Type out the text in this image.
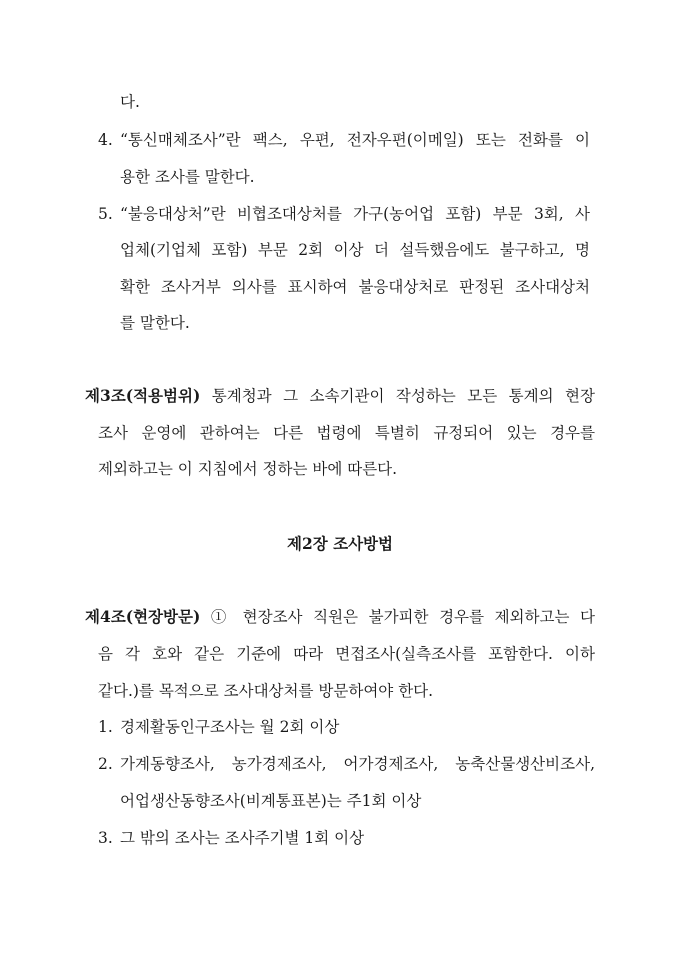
다.
4. “통신매체조사”란 팩스, 우편, 전자우편(이메일) 또는 전화를 이
용한 조사를 말한다.
5. “불응대상처”란 비협조대상처를 가구(농어업 포함) 부문 3회, 사
업체(기업체 포함) 부문 2회 이상 더 설득했음에도 불구하고, 명
확한 조사거부 의사를 표시하여 불응대상처로 판정된 조사대상처
를 말한다.
제3조(적용범위) 통계청과 그 소속기관이 작성하는 모든 통계의 현장
조사 운영에 관하여는 다른 법령에 특별히 규정되어 있는 경우를
제외하고는 이 지침에서 정하는 바에 따른다.
제2장 조사방법
제4조(현장방문) ① 현장조사 직원은 불가피한 경우를 제외하고는 다
음 각 호와 같은 기준에 따라 면접조사(실측조사를 포함한다. 이하
같다.)를 목적으로 조사대상처를 방문하여야 한다.
1. 경제활동인구조사는 월 2회 이상
2. 가계동향조사, 농가경제조사, 어가경제조사, 농축산물생산비조사,
어업생산동향조사(비계통표본)는 주1회 이상
3. 그 밖의 조사는 조사주기별 1회 이상
